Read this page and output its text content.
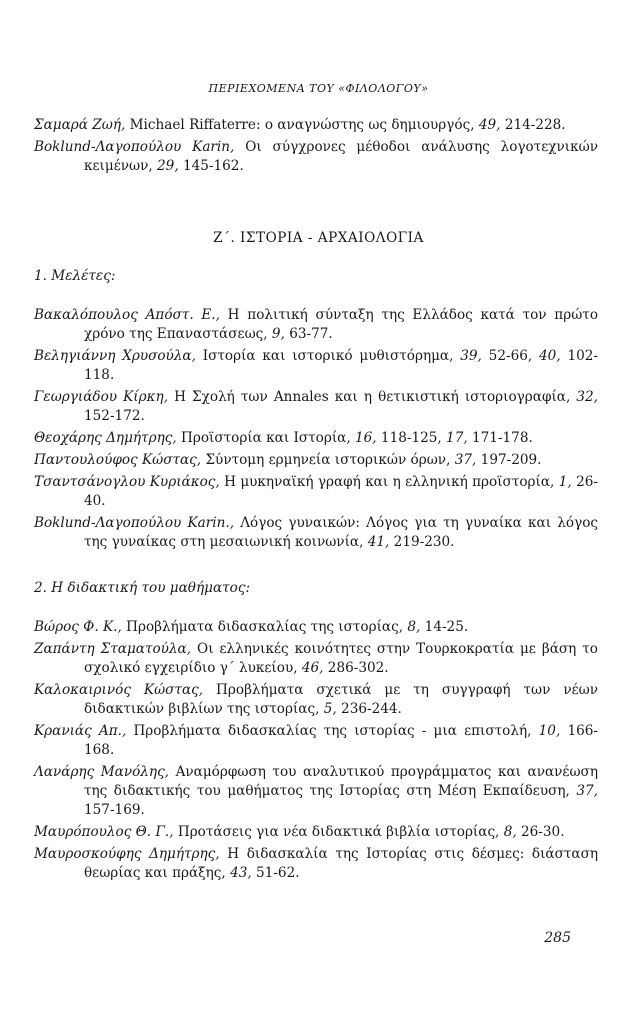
ΠΕΡΙΕΧΟΜΕΝΑ ΤΟΥ «ΦΙΛΟΛΟΓΟΥ»

Σαμαρά Ζωή, Michael Riffaterre: ο αναγνώστης ως δημιουργός, 49, 214-228.

Boklund-Λαγοπούλου Karin, Οι σύγχρονες μέθοδοι ανάλυσης λογοτεχνικών κειμένων, 29, 145-162.

Ζ΄. ΙΣΤΟΡΙΑ - ΑΡΧΑΙΟΛΟΓΙΑ
1. Μελέτες:

Βακαλόπουλος Απόστ. Ε., Η πολιτική σύνταξη της Ελλάδος κατά τον πρώτο χρόνο της Επαναστάσεως, 9, 63-77.

Βεληγιάννη Χρυσούλα, Ιστορία και ιστορικό μυθιστόρημα, 39, 52-66, 40, 102-118.

Γεωργιάδου Κίρκη, Η Σχολή των Annales και η θετικιστική ιστοριογραφία, 32, 152-172.

Θεοχάρης Δημήτρης, Προϊστορία και Ιστορία, 16, 118-125, 17, 171-178.

Παντουλούφος Κώστας, Σύντομη ερμηνεία ιστορικών όρων, 37, 197-209.

Τσαντσάνογλου Κυριάκος, Η μυκηναϊκή γραφή και η ελληνική προϊστορία, 1, 26-40.

Boklund-Λαγοπούλου Karin., Λόγος γυναικών: Λόγος για τη γυναίκα και λόγος της γυναίκας στη μεσαιωνική κοινωνία, 41, 219-230.

2. Η διδακτική του μαθήματος:

Βώρος Φ. Κ., Προβλήματα διδασκαλίας της ιστορίας, 8, 14-25.

Ζαπάντη Σταματούλα, Οι ελληνικές κοινότητες στην Τουρκοκρατία με βάση το σχολικό εγχειρίδιο γ΄ λυκείου, 46, 286-302.

Καλοκαιρινός Κώστας, Προβλήματα σχετικά με τη συγγραφή των νέων διδακτικών βιβλίων της ιστορίας, 5, 236-244.

Κρανιάς Απ., Προβλήματα διδασκαλίας της ιστορίας - μια επιστολή, 10, 166-168.

Λανάρης Μανόλης, Αναμόρφωση του αναλυτικού προγράμματος και ανανέωση της διδακτικής του μαθήματος της Ιστορίας στη Μέση Εκπαίδευση, 37, 157-169.

Μαυρόπουλος Θ. Γ., Προτάσεις για νέα διδακτικά βιβλία ιστορίας, 8, 26-30.

Μαυροσκούφης Δημήτρης, Η διδασκαλία της Ιστορίας στις δέσμες: διάσταση θεωρίας και πράξης, 43, 51-62.

285
